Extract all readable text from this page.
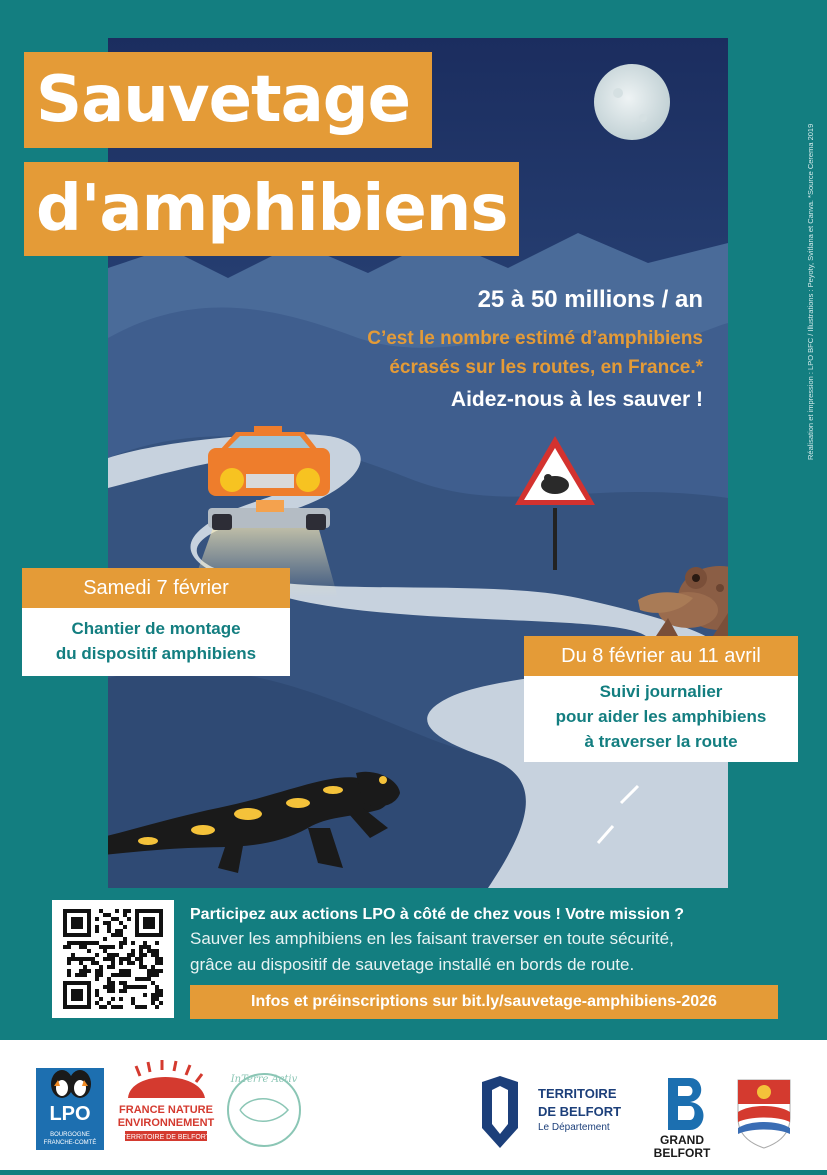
Sauvetage
d'amphibiens
25 à 50 millions / an
C’est le nombre estimé d’amphibiens
écrasés sur les routes, en France.*
Aidez-nous à les sauver !
Samedi 7 février
Chantier de montage
du dispositif amphibiens	Du 8 février au 11 avril
Suivi journalier
pour aider les amphibiens
à traverser la route
Réalisation et impression : LPO BFC / Illustrations : Peyoty, Svitlana et Canva. *Source Cerema 2019
Participez aux actions LPO à côté de chez vous ! Votre mission ?
Sauver les amphibiens en les faisant traverser en toute sécurité,
grâce au dispositif de sauvetage installé en bords de route.
Infos et préinscriptions sur bit.ly/sauvetage-amphibiens-2026
LPO
BOURGOGNE
FRANCHE-COMTÉ
FRANCE NATURE
ENVIRONNEMENT
TERRITOIRE DE BELFORT
InTerre Activ
TERRITOIRE
DE BELFORT
Le Département
GRAND
BELFORT
